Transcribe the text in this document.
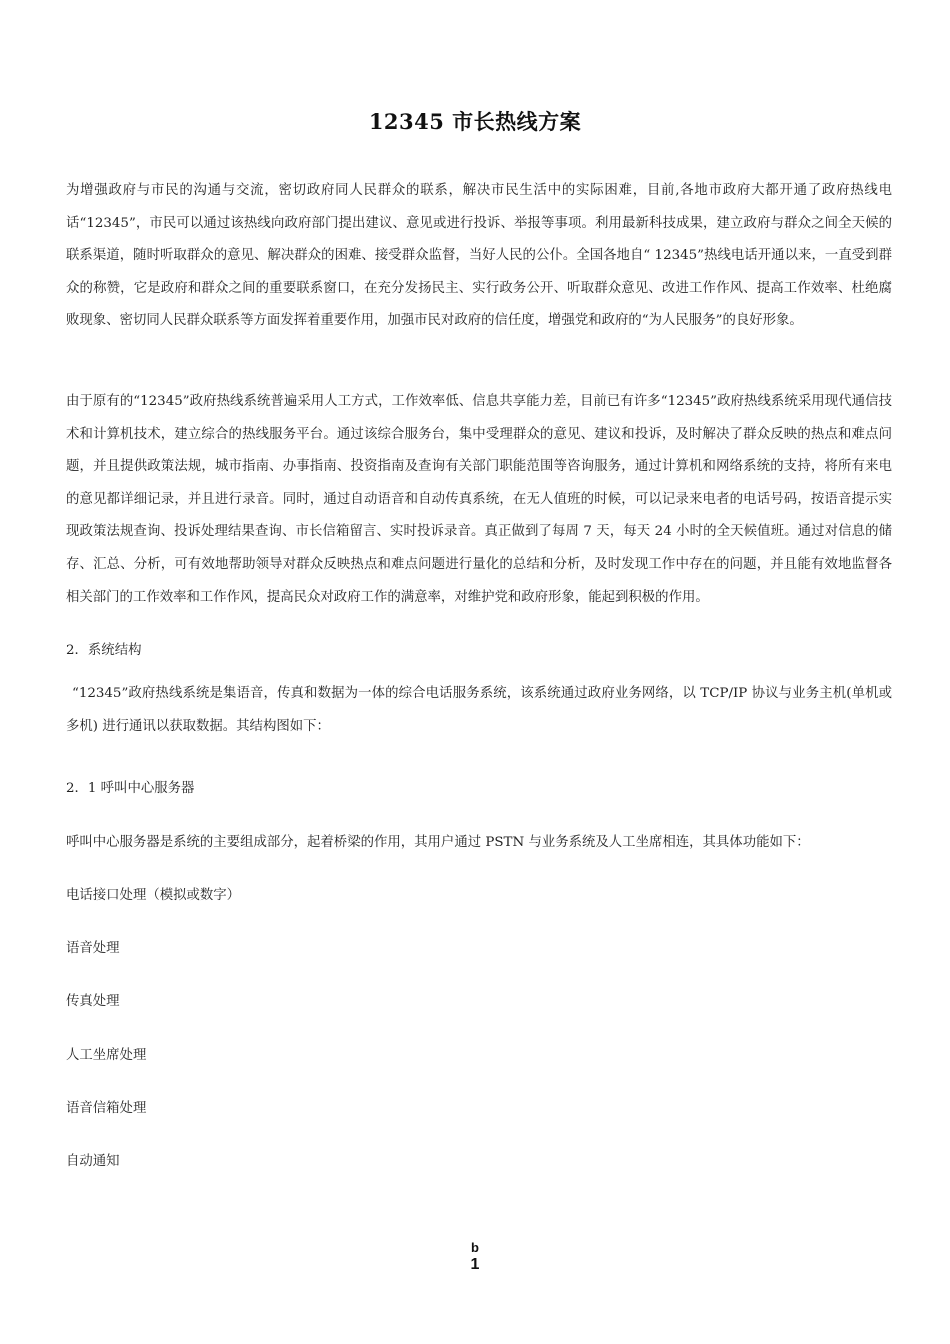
12345 市长热线方案
为增强政府与市民的沟通与交流，密切政府同人民群众的联系，解决市民生活中的实际困难，目前,各地市政府大都开通了政府热线电话“12345”，市民可以通过该热线向政府部门提出建议、意见或进行投诉、举报等事项。利用最新科技成果，建立政府与群众之间全天候的联系渠道，随时听取群众的意见、解决群众的困难、接受群众监督，当好人民的公仆。全国各地自“ 12345”热线电话开通以来，一直受到群众的称赞，它是政府和群众之间的重要联系窗口，在充分发扬民主、实行政务公开、听取群众意见、改进工作作风、提高工作效率、杜绝腐败现象、密切同人民群众联系等方面发挥着重要作用，加强市民对政府的信任度，增强党和政府的“为人民服务”的良好形象。
由于原有的“12345”政府热线系统普遍采用人工方式，工作效率低、信息共享能力差，目前已有许多“12345”政府热线系统采用现代通信技术和计算机技术，建立综合的热线服务平台。通过该综合服务台，集中受理群众的意见、建议和投诉，及时解决了群众反映的热点和难点问题，并且提供政策法规，城市指南、办事指南、投资指南及查询有关部门职能范围等咨询服务，通过计算机和网络系统的支持，将所有来电的意见都详细记录，并且进行录音。同时，通过自动语音和自动传真系统，在无人值班的时候，可以记录来电者的电话号码，按语音提示实现政策法规查询、投诉处理结果查询、市长信箱留言、实时投诉录音。真正做到了每周 7 天，每天 24 小时的全天候值班。通过对信息的储存、汇总、分析，可有效地帮助领导对群众反映热点和难点问题进行量化的总结和分析，及时发现工作中存在的问题，并且能有效地监督各相关部门的工作效率和工作作风，提高民众对政府工作的满意率，对维护党和政府形象，能起到积极的作用。
2．系统结构
“12345”政府热线系统是集语音，传真和数据为一体的综合电话服务系统，该系统通过政府业务网络，以 TCP/IP 协议与业务主机(单机或多机) 进行通讯以获取数据。其结构图如下：
2．1 呼叫中心服务器
呼叫中心服务器是系统的主要组成部分，起着桥梁的作用，其用户通过 PSTN 与业务系统及人工坐席相连，其具体功能如下：
电话接口处理（模拟或数字）
语音处理
传真处理
人工坐席处理
语音信箱处理
自动通知
b
1
